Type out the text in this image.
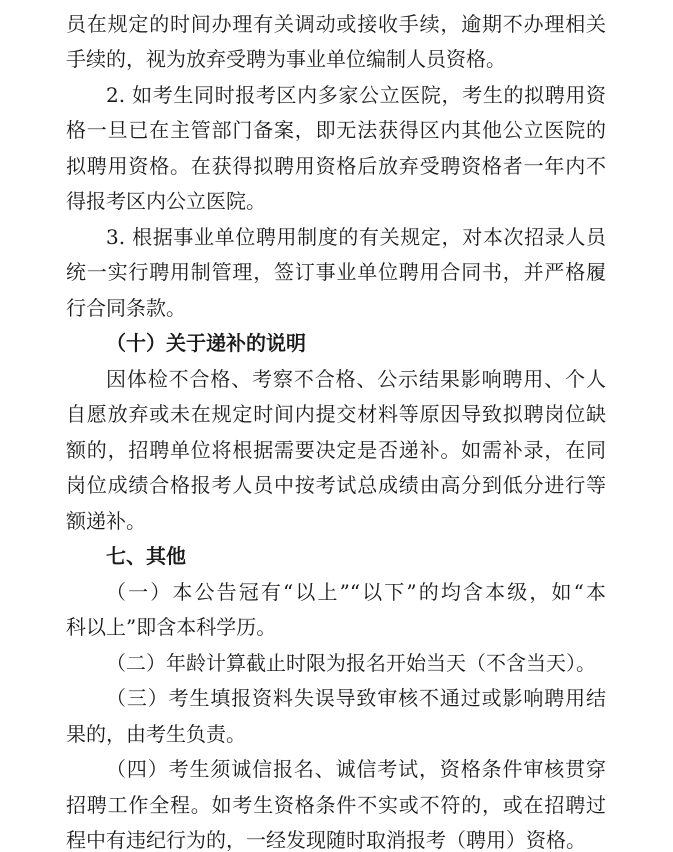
员在规定的时间办理有关调动或接收手续，逾期不办理相关

手续的，视为放弃受聘为事业单位编制人员资格。

2. 如考生同时报考区内多家公立医院，考生的拟聘用资

格一旦已在主管部门备案，即无法获得区内其他公立医院的

拟聘用资格。在获得拟聘用资格后放弃受聘资格者一年内不

得报考区内公立医院。

3. 根据事业单位聘用制度的有关规定，对本次招录人员

统一实行聘用制管理，签订事业单位聘用合同书，并严格履

行合同条款。

（十）关于递补的说明

因体检不合格、考察不合格、公示结果影响聘用、个人

自愿放弃或未在规定时间内提交材料等原因导致拟聘岗位缺

额的，招聘单位将根据需要决定是否递补。如需补录，在同

岗位成绩合格报考人员中按考试总成绩由高分到低分进行等

额递补。

七、其他

（一）本公告冠有“以上”“以下”的均含本级，如“本

科以上”即含本科学历。

（二）年龄计算截止时限为报名开始当天（不含当天）。

（三）考生填报资料失误导致审核不通过或影响聘用结

果的，由考生负责。

（四）考生须诚信报名、诚信考试，资格条件审核贯穿

招聘工作全程。如考生资格条件不实或不符的，或在招聘过

程中有违纪行为的，一经发现随时取消报考（聘用）资格。
